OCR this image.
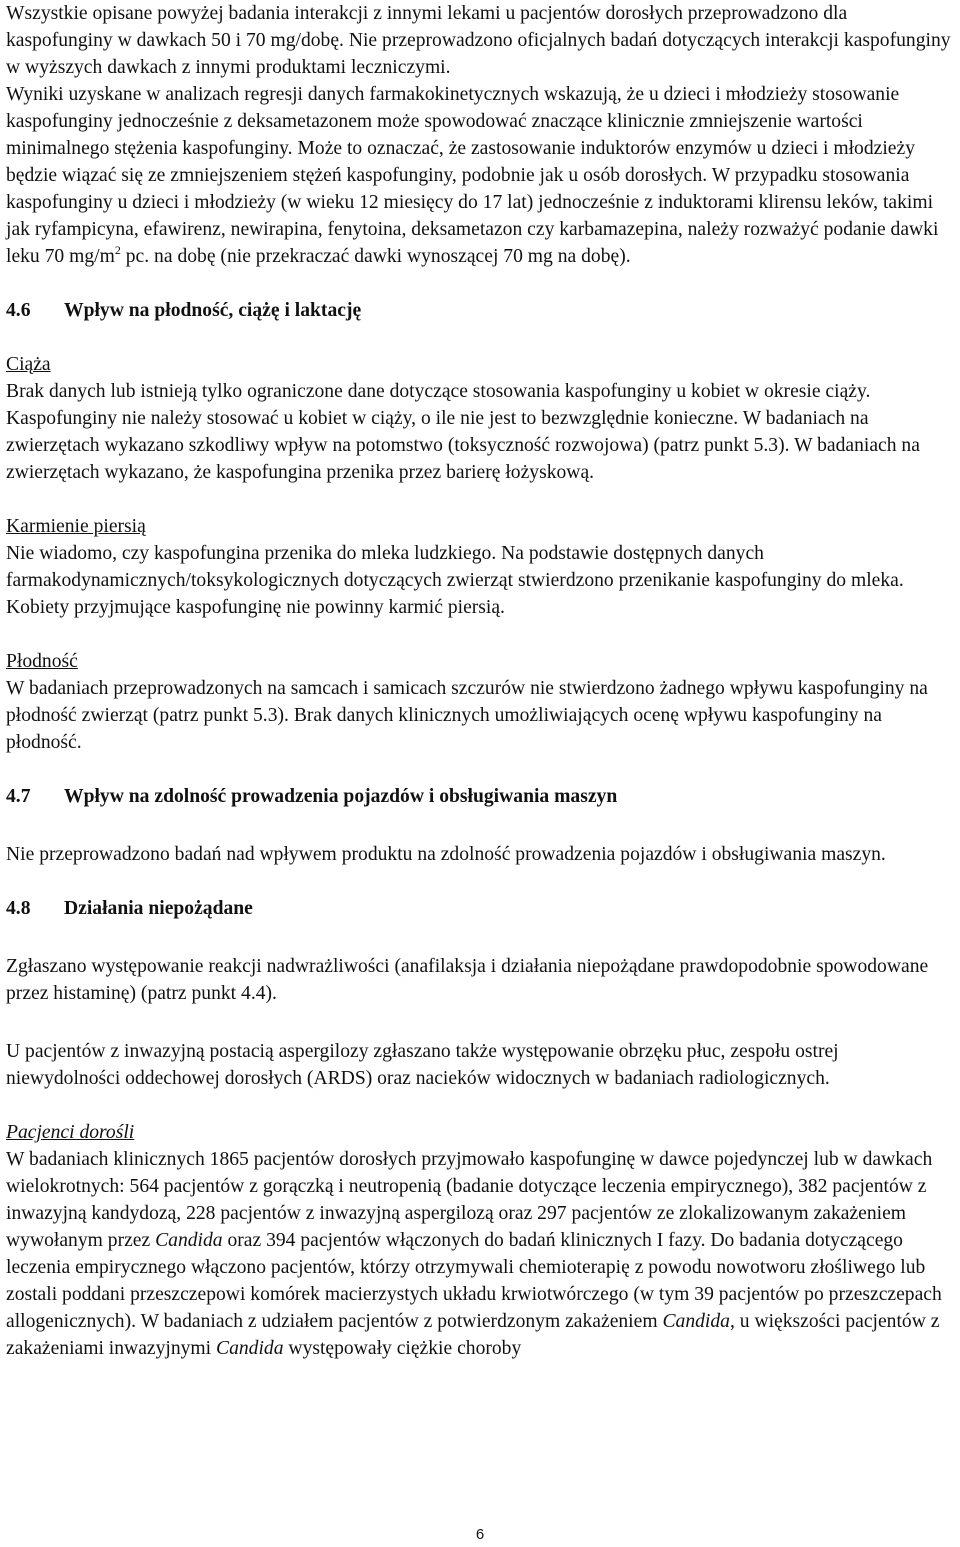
Wszystkie opisane powyżej badania interakcji z innymi lekami u pacjentów dorosłych przeprowadzono dla kaspofunginy w dawkach 50 i 70 mg/dobę. Nie przeprowadzono oficjalnych badań dotyczących interakcji kaspofunginy w wyższych dawkach z innymi produktami leczniczymi.

Wyniki uzyskane w analizach regresji danych farmakokinetycznych wskazują, że u dzieci i młodzieży stosowanie kaspofunginy jednocześnie z deksametazonem może spowodować znaczące klinicznie zmniejszenie wartości minimalnego stężenia kaspofunginy. Może to oznaczać, że zastosowanie induktorów enzymów u dzieci i młodzieży będzie wiązać się ze zmniejszeniem stężeń kaspofunginy, podobnie jak u osób dorosłych. W przypadku stosowania kaspofunginy u dzieci i młodzieży (w wieku 12 miesięcy do 17 lat) jednocześnie z induktorami klirensu leków, takimi jak ryfampicyna, efawirenz, newirapina, fenytoina, deksametazon czy karbamazepina, należy rozważyć podanie dawki leku 70 $mg/m^2$ pc. na dobę (nie przekraczać dawki wynoszącej 70 mg na dobę).

4.6 Wpływ na płodność, ciążę i laktację

Ciąża

Brak danych lub istnieją tylko ograniczone dane dotyczące stosowania kaspofunginy u kobiet w okresie ciąży. Kaspofunginy nie należy stosować u kobiet w ciąży, o ile nie jest to bezwzględnie konieczne. W badaniach na zwierzętach wykazano szkodliwy wpływ na potomstwo (toksyczność rozwojowa) (patrz punkt 5.3). W badaniach na zwierzętach wykazano, że kaspofungina przenika przez barierę łożyskową.

Karmienie piersią

Nie wiadomo, czy kaspofungina przenika do mleka ludzkiego. Na podstawie dostępnych danych farmakodynamicznych/toksykologicznych dotyczących zwierząt stwierdzono przenikanie kaspofunginy do mleka. Kobiety przyjmujące kaspofunginę nie powinny karmić piersią.

Płodność

W badaniach przeprowadzonych na samcach i samicach szczurów nie stwierdzono żadnego wpływu kaspofunginy na płodność zwierząt (patrz punkt 5.3). Brak danych klinicznych umożliwiających ocenę wpływu kaspofunginy na płodność.

4.7 Wpływ na zdolność prowadzenia pojazdów i obsługiwania maszyn

Nie przeprowadzono badań nad wpływem produktu na zdolność prowadzenia pojazdów i obsługiwania maszyn.

4.8 Działania niepożądane

Zgłaszano występowanie reakcji nadwrażliwości (anafilaksja i działania niepożądane prawdopodobnie spowodowane przez histaminę) (patrz punkt 4.4).

U pacjentów z inwazyjną postacią aspergilozy zgłaszano także występowanie obrzęku płuc, zespołu ostrej niewydolności oddechowej dorosłych (ARDS) oraz nacieków widocznych w badaniach radiologicznych.

Pacjenci dorośli

W badaniach klinicznych 1865 pacjentów dorosłych przyjmowało kaspofunginę w dawce pojedynczej lub w dawkach wielokrotnych: 564 pacjentów z gorączką i neutropenią (badanie dotyczące leczenia empirycznego), 382 pacjentów z inwazyjną kandydozą, 228 pacjentów z inwazyjną aspergilozą oraz 297 pacjentów ze zlokalizowanym zakażeniem wywołanym przez Candida oraz 394 pacjentów włączonych do badań klinicznych I fazy. Do badania dotyczącego leczenia empirycznego włączono pacjentów, którzy otrzymywali chemioterapię z powodu nowotworu złośliwego lub zostali poddani przeszczepowi komórek macierzystych układu krwiotwórczego (w tym 39 pacjentów po przeszczepach allogenicznych). W badaniach z udziałem pacjentów z potwierdzonym zakażeniem Candida, u większości pacjentów z zakażeniami inwazyjnymi Candida występowały ciężkie choroby

6
